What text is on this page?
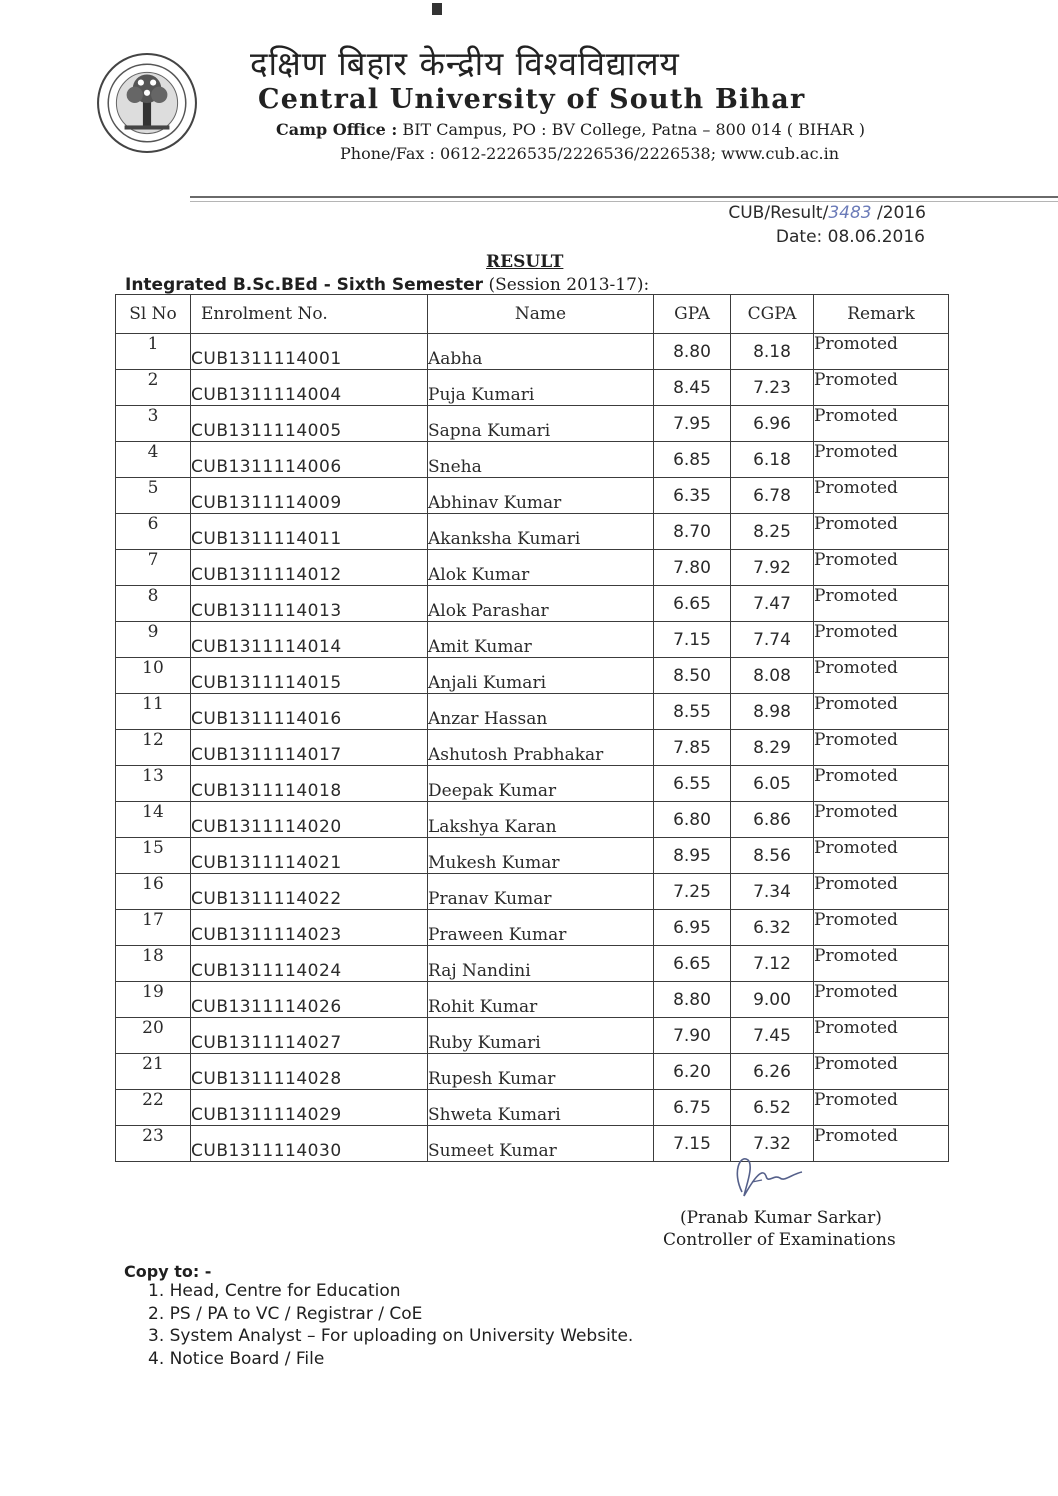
दक्षिण बिहार केन्द्रीय विश्वविद्यालय
Central University of South Bihar
Camp Office : BIT Campus, PO : BV College, Patna – 800 014 ( BIHAR )
Phone/Fax : 0612-2226535/2226536/2226538; www.cub.ac.in
CUB/Result/3483 /2016
Date: 08.06.2016
RESULT
Integrated B.Sc.BEd - Sixth Semester (Session 2013-17):
Sl No	Enrolment No.	Name	GPA	CGPA	Remark
1	CUB1311114001	Aabha	8.80	8.18	Promoted
2	CUB1311114004	Puja Kumari	8.45	7.23	Promoted
3	CUB1311114005	Sapna Kumari	7.95	6.96	Promoted
4	CUB1311114006	Sneha	6.85	6.18	Promoted
5	CUB1311114009	Abhinav Kumar	6.35	6.78	Promoted
6	CUB1311114011	Akanksha Kumari	8.70	8.25	Promoted
7	CUB1311114012	Alok Kumar	7.80	7.92	Promoted
8	CUB1311114013	Alok Parashar	6.65	7.47	Promoted
9	CUB1311114014	Amit Kumar	7.15	7.74	Promoted
10	CUB1311114015	Anjali Kumari	8.50	8.08	Promoted
11	CUB1311114016	Anzar Hassan	8.55	8.98	Promoted
12	CUB1311114017	Ashutosh Prabhakar	7.85	8.29	Promoted
13	CUB1311114018	Deepak Kumar	6.55	6.05	Promoted
14	CUB1311114020	Lakshya Karan	6.80	6.86	Promoted
15	CUB1311114021	Mukesh Kumar	8.95	8.56	Promoted
16	CUB1311114022	Pranav Kumar	7.25	7.34	Promoted
17	CUB1311114023	Praween Kumar	6.95	6.32	Promoted
18	CUB1311114024	Raj Nandini	6.65	7.12	Promoted
19	CUB1311114026	Rohit Kumar	8.80	9.00	Promoted
20	CUB1311114027	Ruby Kumari	7.90	7.45	Promoted
21	CUB1311114028	Rupesh Kumar	6.20	6.26	Promoted
22	CUB1311114029	Shweta Kumari	6.75	6.52	Promoted
23	CUB1311114030	Sumeet Kumar	7.15	7.32	Promoted
(Pranab Kumar Sarkar)
Controller of Examinations
Copy to: -
1. Head, Centre for Education
2. PS / PA to VC / Registrar / CoE
3. System Analyst – For uploading on University Website.
4. Notice Board / File
